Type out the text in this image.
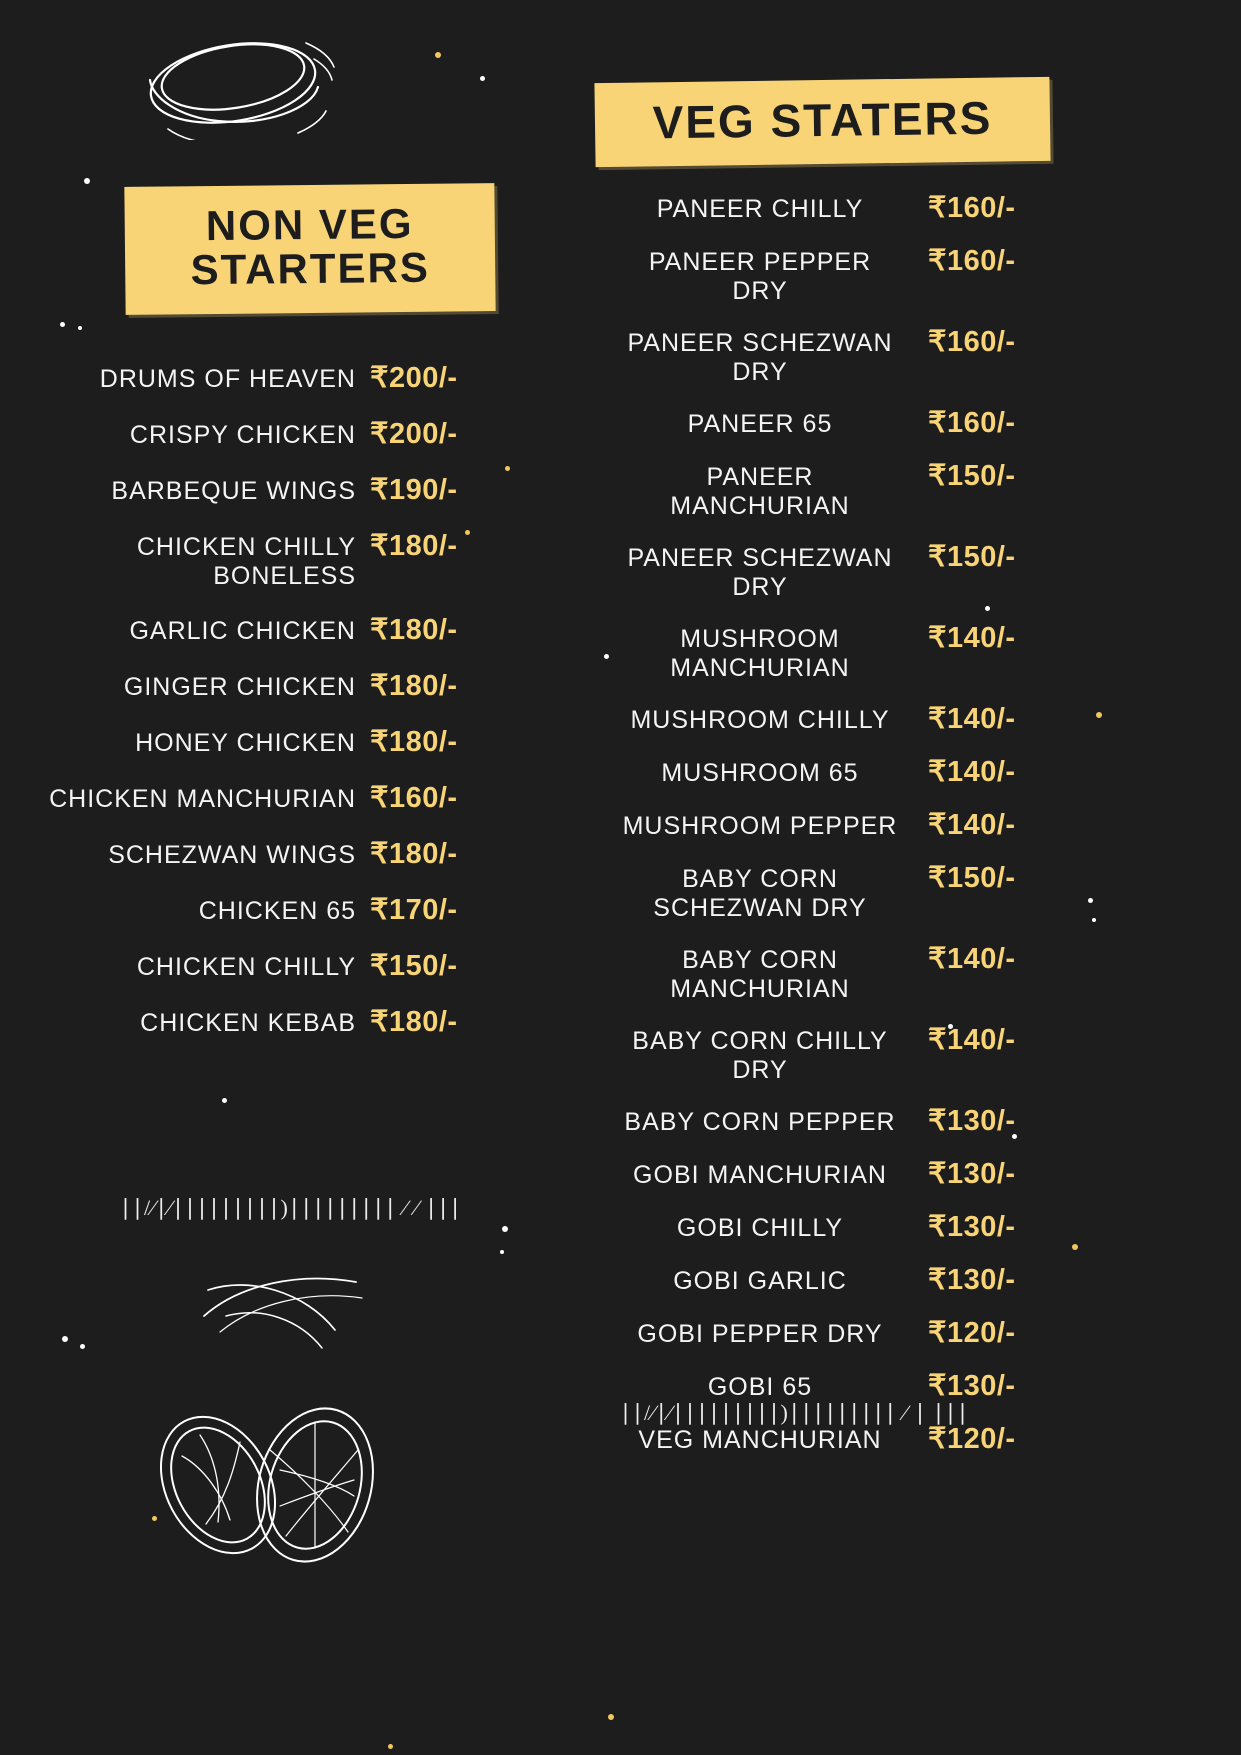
NON VEG
STARTERS
DRUMS OF HEAVEN ₹200/-
CRISPY CHICKEN ₹200/-
BARBEQUE WINGS ₹190/-
CHICKEN CHILLY BONELESS
₹180/-
GARLIC CHICKEN ₹180/-
GINGER CHICKEN ₹180/-
HONEY CHICKEN ₹180/-
CHICKEN MANCHURIAN ₹160/-
SCHEZWAN WINGS ₹180/-
CHICKEN 65 ₹170/-
CHICKEN CHILLY ₹150/-
CHICKEN KEBAB ₹180/-
∣∣/∕∣∕∣∣∣∣∣∣∣∣∣)∣∣∣∣∣∣∣∣∣ ∕ ∕ ∣∣∣
VEG STATERS
PANEER CHILLY	₹160/-
PANEER PEPPER DRY
₹160/-
PANEER SCHEZWAN DRY
₹160/-
PANEER 65	₹160/-
PANEER MANCHURIAN
₹150/-
PANEER SCHEZWAN DRY
₹150/-
MUSHROOM MANCHURIAN
₹140/-
MUSHROOM CHILLY	₹140/-
MUSHROOM 65	₹140/-
MUSHROOM PEPPER	₹140/-
BABY CORN SCHEZWAN DRY
₹150/-
BABY CORN MANCHURIAN
₹140/-
BABY CORN CHILLY DRY
₹140/-
BABY CORN PEPPER	₹130/-
GOBI MANCHURIAN	₹130/-
GOBI CHILLY	₹130/-
GOBI GARLIC	₹130/-
GOBI PEPPER DRY	₹120/-
GOBI 65	₹130/-
VEG MANCHURIAN	₹120/-
∣∣/∕∣∕∣∣∣∣∣∣∣∣∣)∣∣∣∣∣∣∣∣∣ ∕ ∣ ∣∣∣
